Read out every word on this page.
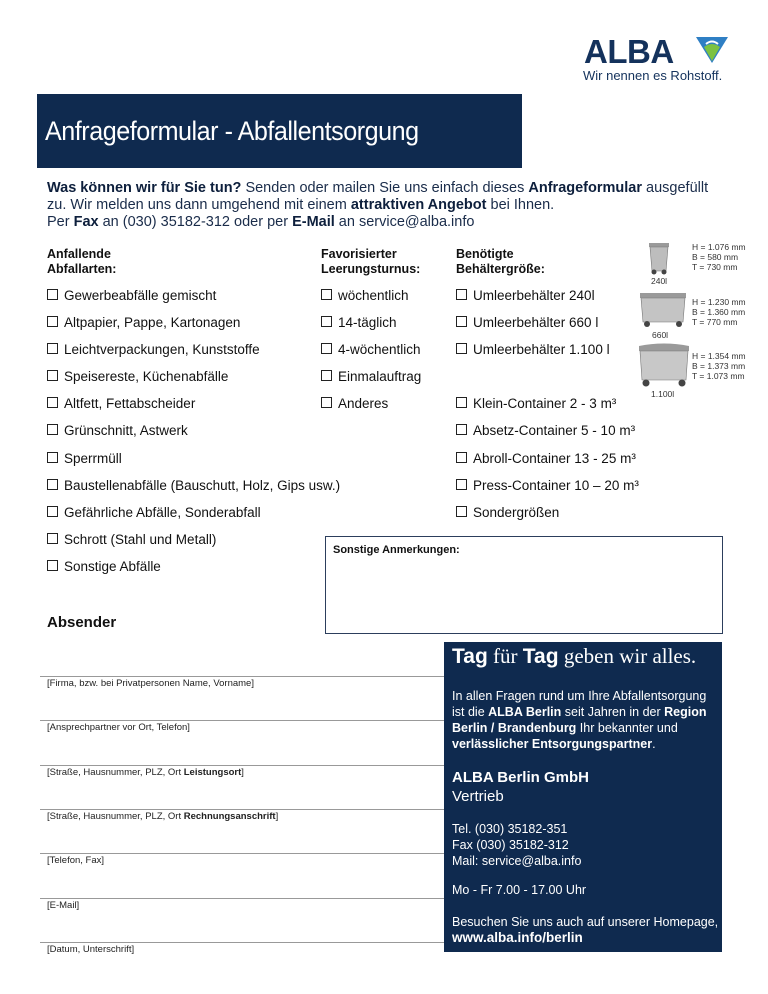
ALBA
Wir nennen es Rohstoff.
Anfrageformular - Abfallentsorgung
Was können wir für Sie tun? Senden oder mailen Sie uns einfach dieses Anfrageformular ausgefüllt zu. Wir melden uns dann umgehend mit einem attraktiven Angebot bei Ihnen.
Per Fax an (030) 35182-312 oder per E-Mail an service@alba.info
Anfallende
Abfallarten:
Favorisierter
Leerungsturnus:
Benötigte
Behältergröße:
Gewerbeabfälle gemischt
Altpapier, Pappe, Kartonagen
Leichtverpackungen, Kunststoffe
Speisereste, Küchenabfälle
Altfett, Fettabscheider
Grünschnitt, Astwerk
Sperrmüll
Baustellenabfälle (Bauschutt, Holz, Gips usw.)
Gefährliche Abfälle, Sonderabfall
Schrott (Stahl und Metall)
Sonstige Abfälle
wöchentlich
14-täglich
4-wöchentlich
Einmalauftrag
Anderes
Umleerbehälter 240l
Umleerbehälter 660 l
Umleerbehälter 1.100 l
Klein-Container 2 - 3 m³
Absetz-Container 5 - 10 m³
Abroll-Container 13 - 25 m³
Press-Container 10 – 20 m³
Sondergrößen
240l
H = 1.076 mm
B = 580 mm
T = 730 mm
660l
H = 1.230 mm
B = 1.360 mm
T = 770 mm
1.100l
H = 1.354 mm
B = 1.373 mm
T = 1.073 mm
Sonstige Anmerkungen:
Absender
[Firma, bzw. bei Privatpersonen Name, Vorname]
[Ansprechpartner vor Ort, Telefon]
[Straße, Hausnummer, PLZ, Ort Leistungsort]
[Straße, Hausnummer, PLZ, Ort Rechnungsanschrift]
[Telefon, Fax]
[E-Mail]
[Datum, Unterschrift]
Tag für Tag geben wir alles.
In allen Fragen rund um Ihre Abfallentsorgung ist die ALBA Berlin seit Jahren in der Region Berlin / Brandenburg Ihr bekannter und verlässlicher Entsorgungspartner.
ALBA Berlin GmbH
Vertrieb
Tel. (030) 35182-351
Fax (030) 35182-312
Mail: service@alba.info
Mo - Fr 7.00 - 17.00 Uhr
Besuchen Sie uns auch auf unserer Homepage, www.alba.info/berlin
